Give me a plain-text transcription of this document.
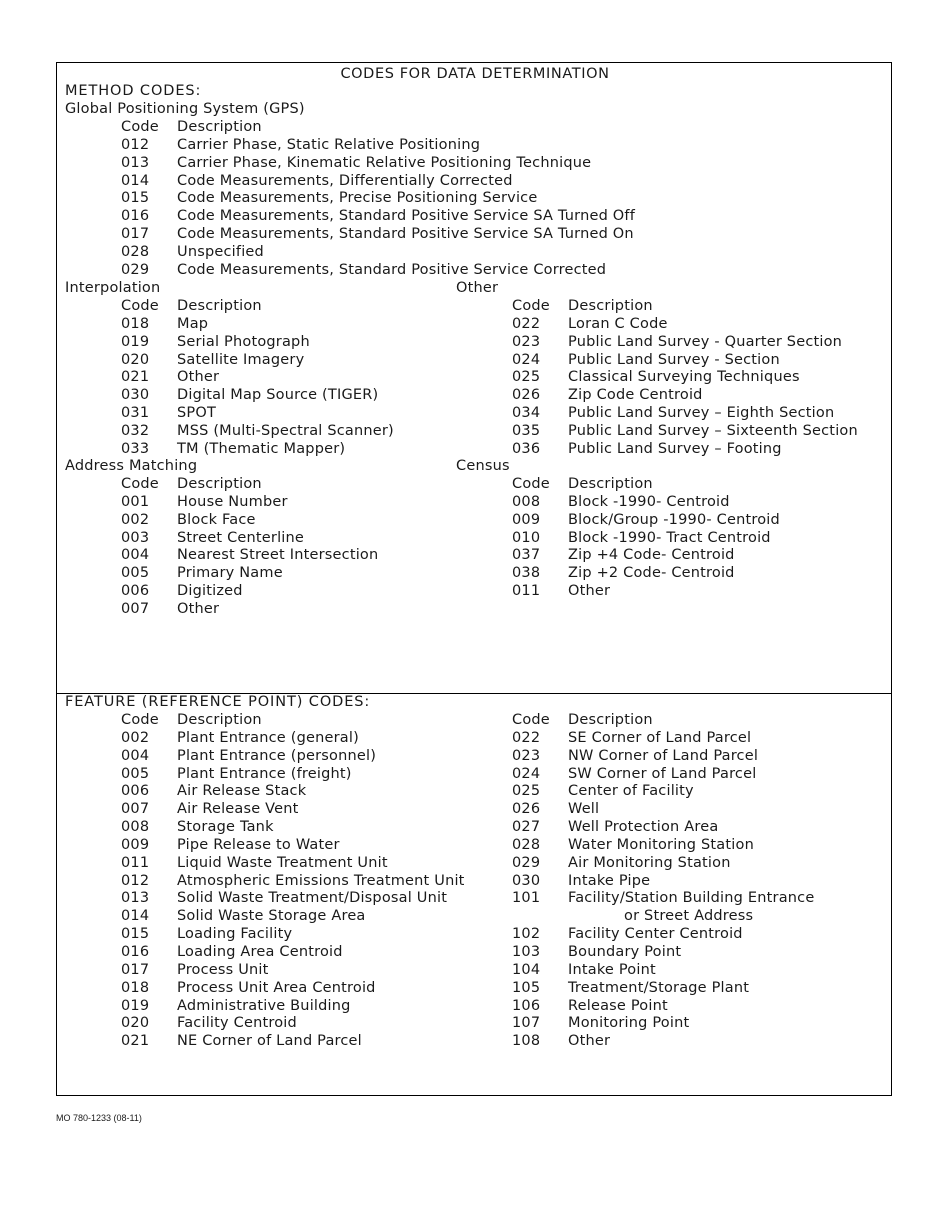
CODES FOR DATA DETERMINATION
METHOD CODES:
Global Positioning System (GPS)
Code Description
012 Carrier Phase, Static Relative Positioning
013 Carrier Phase, Kinematic Relative Positioning Technique
014 Code Measurements, Differentially Corrected
015 Code Measurements, Precise Positioning Service
016 Code Measurements, Standard Positive Service SA Turned Off
017 Code Measurements, Standard Positive Service SA Turned On
028 Unspecified
029 Code Measurements, Standard Positive Service Corrected
Interpolation
Code Description
018 Map
019 Serial Photograph
020 Satellite Imagery
021 Other
030 Digital Map Source (TIGER)
031 SPOT
032 MSS (Multi-Spectral Scanner)
033 TM (Thematic Mapper)
Other
Code Description
022 Loran C Code
023 Public Land Survey - Quarter Section
024 Public Land Survey - Section
025 Classical Surveying Techniques
026 Zip Code Centroid
034 Public Land Survey – Eighth Section
035 Public Land Survey – Sixteenth Section
036 Public Land Survey – Footing
Address Matching
Code Description
001 House Number
002 Block Face
003 Street Centerline
004 Nearest Street Intersection
005 Primary Name
006 Digitized
007 Other
Census
Code Description
008 Block -1990- Centroid
009 Block/Group -1990- Centroid
010 Block -1990- Tract Centroid
037 Zip +4 Code- Centroid
038 Zip +2 Code- Centroid
011 Other
FEATURE (REFERENCE POINT) CODES:
Code Description
002 Plant Entrance (general)
004 Plant Entrance (personnel)
005 Plant Entrance (freight)
006 Air Release Stack
007 Air Release Vent
008 Storage Tank
009 Pipe Release to Water
011 Liquid Waste Treatment Unit
012 Atmospheric Emissions Treatment Unit
013 Solid Waste Treatment/Disposal Unit
014 Solid Waste Storage Area
015 Loading Facility
016 Loading Area Centroid
017 Process Unit
018 Process Unit Area Centroid
019 Administrative Building
020 Facility Centroid
021 NE Corner of Land Parcel
Code Description
022 SE Corner of Land Parcel
023 NW Corner of Land Parcel
024 SW Corner of Land Parcel
025 Center of Facility
026 Well
027 Well Protection Area
028 Water Monitoring Station
029 Air Monitoring Station
030 Intake Pipe
101 Facility/Station Building Entrance
or Street Address
102 Facility Center Centroid
103 Boundary Point
104 Intake Point
105 Treatment/Storage Plant
106 Release Point
107 Monitoring Point
108 Other
MO 780-1233 (08-11)
